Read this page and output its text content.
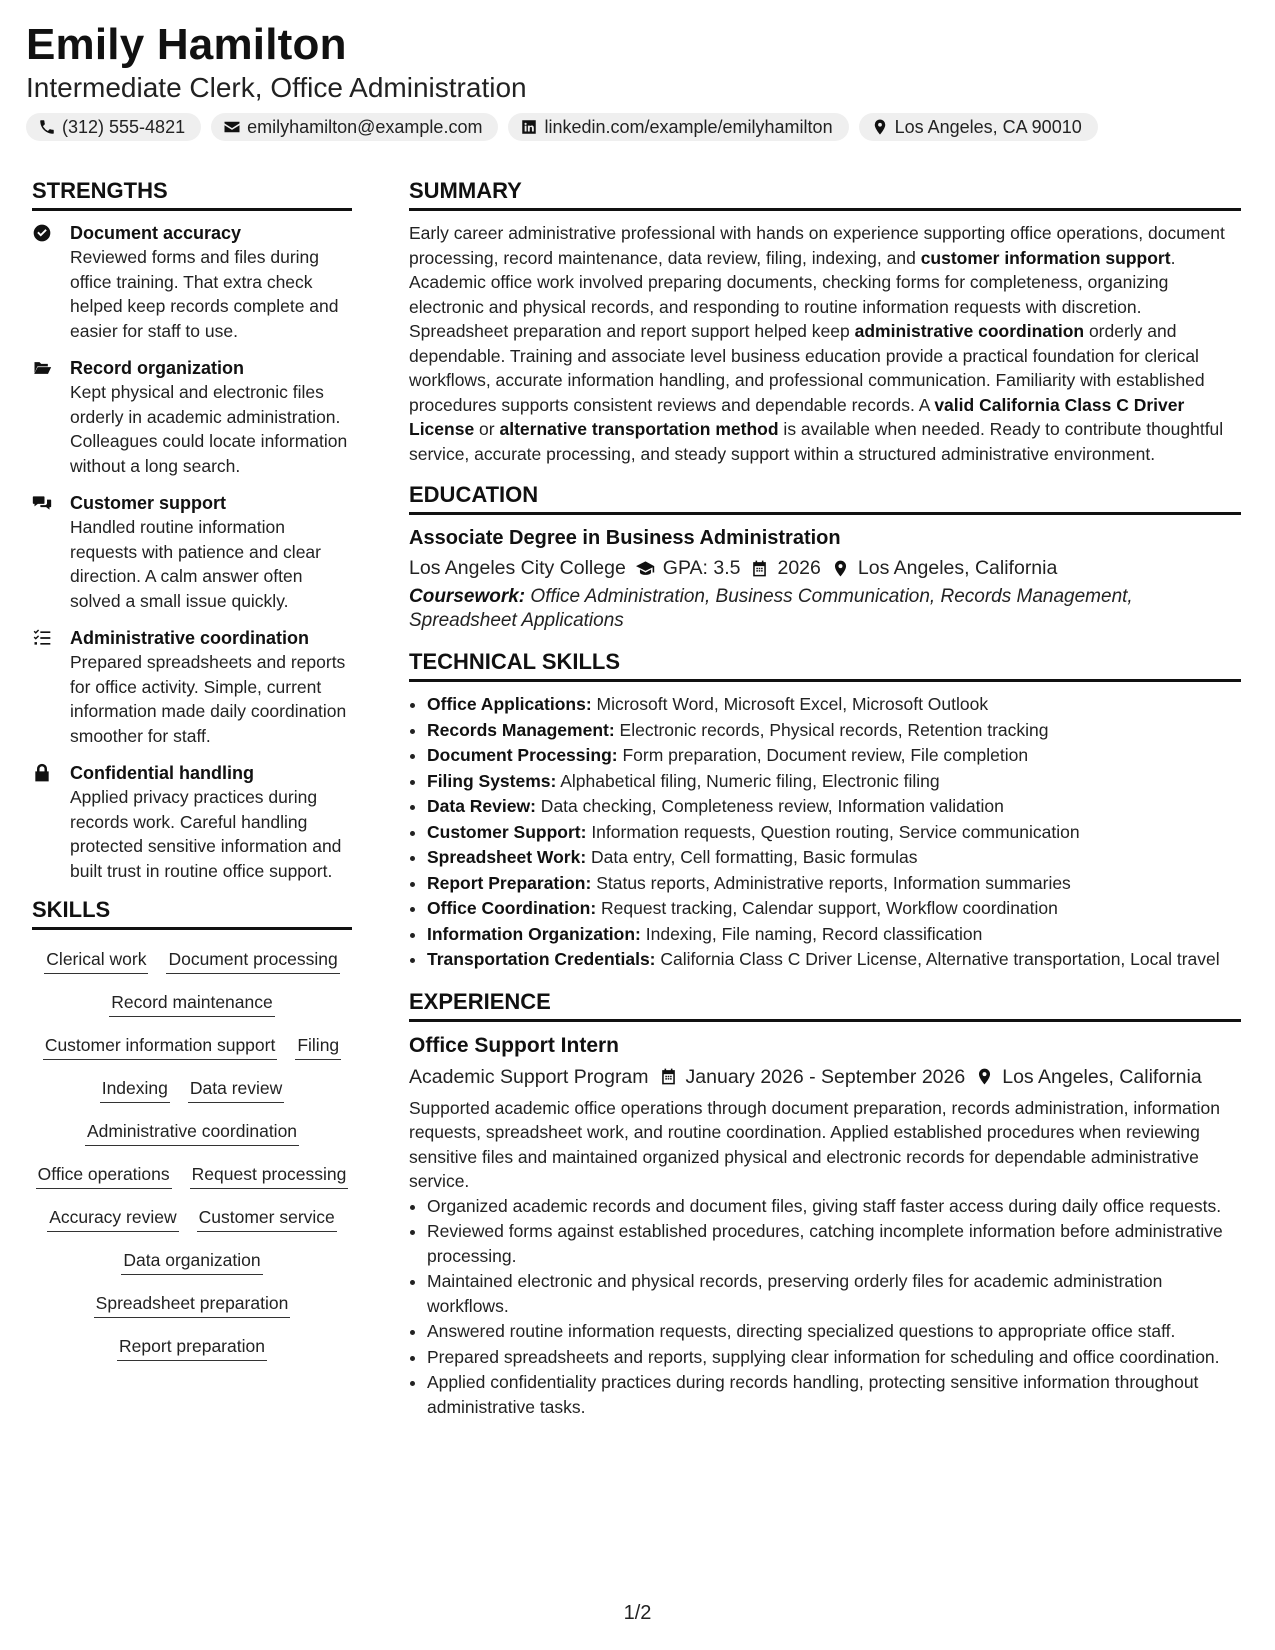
Emily Hamilton
Intermediate Clerk, Office Administration
(312) 555-4821	emilyhamilton@example.com	linkedin.com/example/emilyhamilton	Los Angeles, CA 90010
STRENGTHS
Document accuracy
Reviewed forms and files during office training. That extra check helped keep records complete and easier for staff to use.
Record organization
Kept physical and electronic files orderly in academic administration. Colleagues could locate information without a long search.
Customer support
Handled routine information requests with patience and clear direction. A calm answer often solved a small issue quickly.
Administrative coordination
Prepared spreadsheets and reports for office activity. Simple, current information made daily coordination smoother for staff.
Confidential handling
Applied privacy practices during records work. Careful handling protected sensitive information and built trust in routine office support.
SKILLS
Clerical work Document processing
Record maintenance
Customer information support Filing
Indexing Data review
Administrative coordination
Office operations Request processing
Accuracy review Customer service
Data organization
Spreadsheet preparation
Report preparation
SUMMARY

Early career administrative professional with hands on experience supporting office operations, document processing, record maintenance, data review, filing, indexing, and customer information support. Academic office work involved preparing documents, checking forms for completeness, organizing electronic and physical records, and responding to routine information requests with discretion. Spreadsheet preparation and report support helped keep administrative coordination orderly and dependable. Training and associate level business education provide a practical foundation for clerical workflows, accurate information handling, and professional communication. Familiarity with established procedures supports consistent reviews and dependable records. A valid California Class C Driver License or alternative transportation method is available when needed. Ready to contribute thoughtful service, accurate processing, and steady support within a structured administrative environment.

EDUCATION
Associate Degree in Business Administration
Los Angeles City College GPA: 3.5 2026 Los Angeles, California
Coursework: Office Administration, Business Communication, Records Management, Spreadsheet Applications
TECHNICAL SKILLS
• Office Applications: Microsoft Word, Microsoft Excel, Microsoft Outlook
• Records Management: Electronic records, Physical records, Retention tracking
• Document Processing: Form preparation, Document review, File completion
• Filing Systems: Alphabetical filing, Numeric filing, Electronic filing
• Data Review: Data checking, Completeness review, Information validation
• Customer Support: Information requests, Question routing, Service communication
• Spreadsheet Work: Data entry, Cell formatting, Basic formulas
• Report Preparation: Status reports, Administrative reports, Information summaries
• Office Coordination: Request tracking, Calendar support, Workflow coordination
• Information Organization: Indexing, File naming, Record classification
• Transportation Credentials: California Class C Driver License, Alternative transportation, Local travel
EXPERIENCE
Office Support Intern
Academic Support Program January 2026 - September 2026 Los Angeles, California

Supported academic office operations through document preparation, records administration, information requests, spreadsheet work, and routine coordination. Applied established procedures when reviewing sensitive files and maintained organized physical and electronic records for dependable administrative service.

• Organized academic records and document files, giving staff faster access during daily office requests.
• Reviewed forms against established procedures, catching incomplete information before administrative processing.
• Maintained electronic and physical records, preserving orderly files for academic administration workflows.
• Answered routine information requests, directing specialized questions to appropriate office staff.
• Prepared spreadsheets and reports, supplying clear information for scheduling and office coordination.
• Applied confidentiality practices during records handling, protecting sensitive information throughout administrative tasks.
1/2
